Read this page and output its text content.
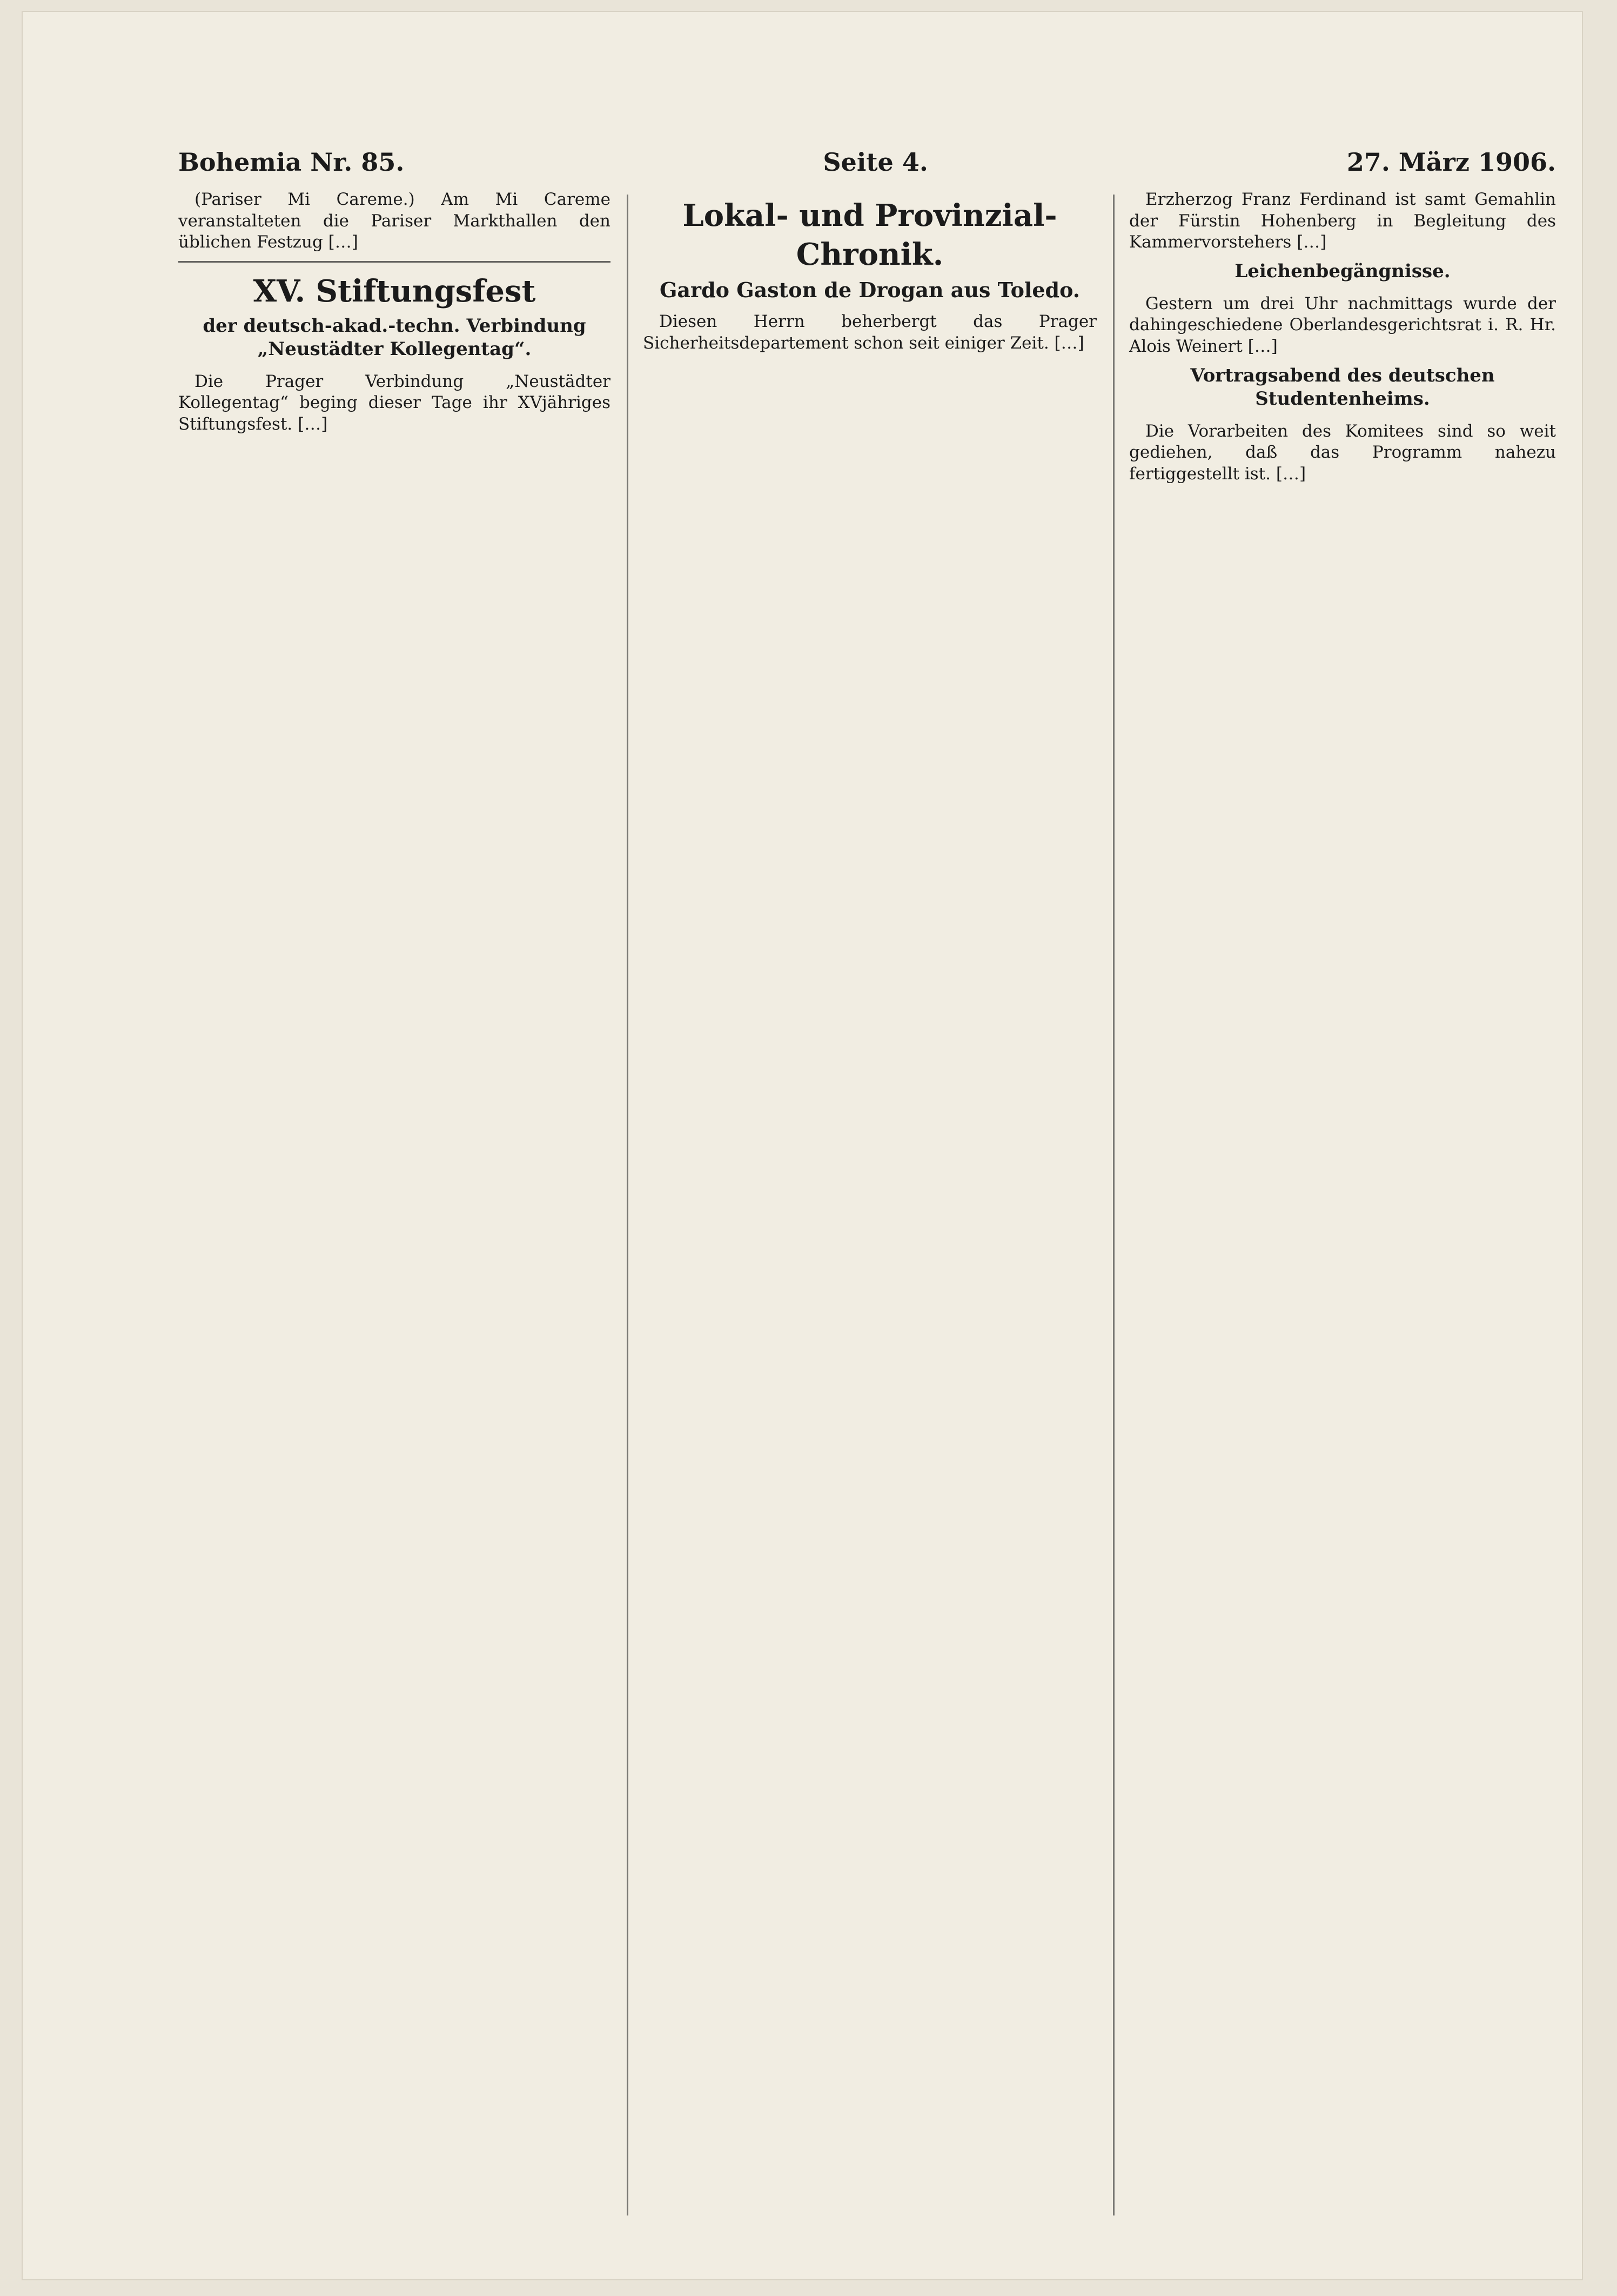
Bohemia Nr. 85.	Seite 4.	27. März 1906.

(Pariser Mi Careme.) Am Mi Careme veranstalteten die Pariser Markthallen den üblichen Festzug […]

XV. Stiftungsfest
der deutsch-akad.-techn. Verbindung „Neustädter Kollegentag“.

Die Prager Verbindung „Neustädter Kollegentag“ beging dieser Tage ihr XVjähriges Stiftungsfest. […]

Lokal- und Provinzial-Chronik.
Gardo Gaston de Drogan aus Toledo.

Diesen Herrn beherbergt das Prager Sicherheitsdepartement schon seit einiger Zeit. […]

Erzherzog Franz Ferdinand ist samt Gemahlin der Fürstin Hohenberg in Begleitung des Kammervorstehers […]

Leichenbegängnisse.

Gestern um drei Uhr nachmittags wurde der dahingeschiedene Oberlandesgerichtsrat i. R. Hr. Alois Weinert […]

Vortragsabend des deutschen Studentenheims.

Die Vorarbeiten des Komitees sind so weit gediehen, daß das Programm nahezu fertiggestellt ist. […]
